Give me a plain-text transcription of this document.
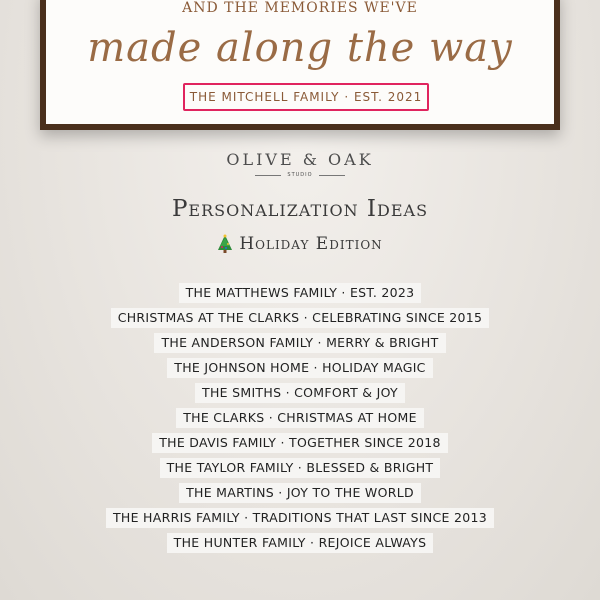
AND THE MEMORIES WE'VE
made along the way
THE MITCHELL FAMILY · EST. 2021
OLIVE & OAK
STUDIO
Personalization Ideas
Holiday Edition
THE MATTHEWS FAMILY · EST. 2023
CHRISTMAS AT THE CLARKS · CELEBRATING SINCE 2015
THE ANDERSON FAMILY · MERRY & BRIGHT
THE JOHNSON HOME · HOLIDAY MAGIC
THE SMITHS · COMFORT & JOY
THE CLARKS · CHRISTMAS AT HOME
THE DAVIS FAMILY · TOGETHER SINCE 2018
THE TAYLOR FAMILY · BLESSED & BRIGHT
THE MARTINS · JOY TO THE WORLD
THE HARRIS FAMILY · TRADITIONS THAT LAST SINCE 2013
THE HUNTER FAMILY · REJOICE ALWAYS
